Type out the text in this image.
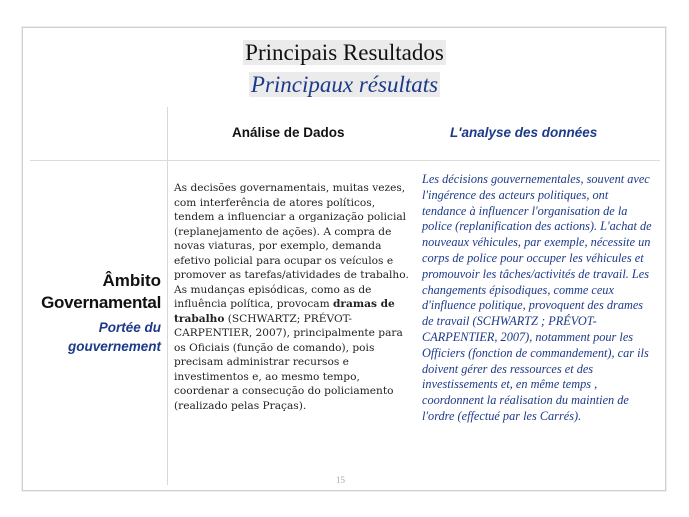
Principais Resultados
Principaux résultats
Análise de Dados	L'analyse des données
Âmbito
Governamental
Portée du
gouvernement
As decisões governamentais, muitas vezes, com interferência de atores políticos, tendem a influenciar a organização policial (replanejamento de ações). A compra de novas viaturas, por exemplo, demanda efetivo policial para ocupar os veículos e promover as tarefas/atividades de trabalho. As mudanças episódicas, como as de influência política, provocam dramas de trabalho (SCHWARTZ; PRÉVOT-CARPENTIER, 2007), principalmente para os Oficiais (função de comando), pois precisam administrar recursos e investimentos e, ao mesmo tempo, coordenar a consecução do policiamento (realizado pelas Praças).
Les décisions gouvernementales, souvent avec l'ingérence des acteurs politiques, ont tendance à influencer l'organisation de la police (replanification des actions). L'achat de nouveaux véhicules, par exemple, nécessite un corps de police pour occuper les véhicules et promouvoir les tâches/activités de travail. Les changements épisodiques, comme ceux d'influence politique, provoquent des drames de travail (SCHWARTZ ; PRÉVOT-CARPENTIER, 2007), notamment pour les Officiers (fonction de commandement), car ils doivent gérer des ressources et des investissements et, en même temps , coordonnent la réalisation du maintien de l'ordre (effectué par les Carrés).
15
